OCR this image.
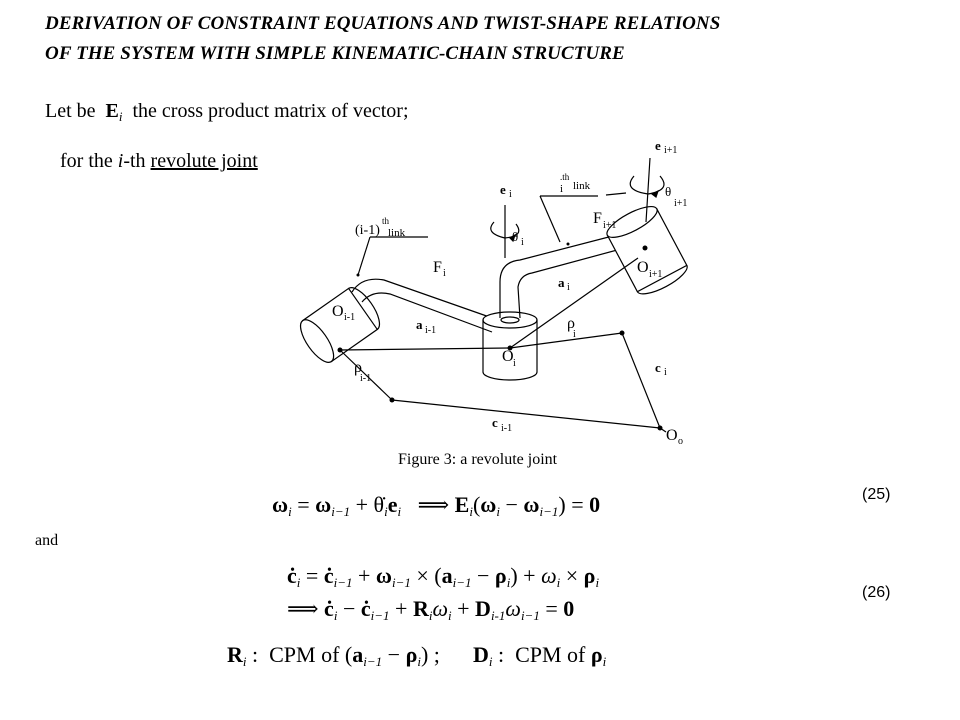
DERIVATION OF CONSTRAINT EQUATIONS AND TWIST-SHAPE RELATIONS
OF THE SYSTEM WITH SIMPLE KINEMATIC-CHAIN STRUCTURE
Let be $E_i$ the cross product matrix of vector;
for the i-th revolute joint
e i+1
θ
i+1
.th
i link
e i
θ i
F i+1
(i-1)
th
link
F i	O i+1
a i
O i-1	a i-1	ρ
i
O i	c i
ρ
i-1
c i-1	O o
Figure 3: a revolute joint
(25)
and
(26)
$\omega_i = \omega_{i-1}$ + $\thetȧ_ie_i$ ⟹ $E_i(\omega_i - \omega_{i-1}) = 0$
$ċ_i$ = $ċ_{i-1} + \omega_{i-1} \times (a_{i-1} - \rho_i) + \omega_i \times \rho_i$
⟹ $ċ_i$ − $ċ_{i-1} + R_i\omega_i + D_{i-1}\omega_{i-1} = 0$
$R_i$ :  CPM of $(a_{i-1} - \rho_i)$ ;      $D_i$ :  CPM of $\rho_i$
